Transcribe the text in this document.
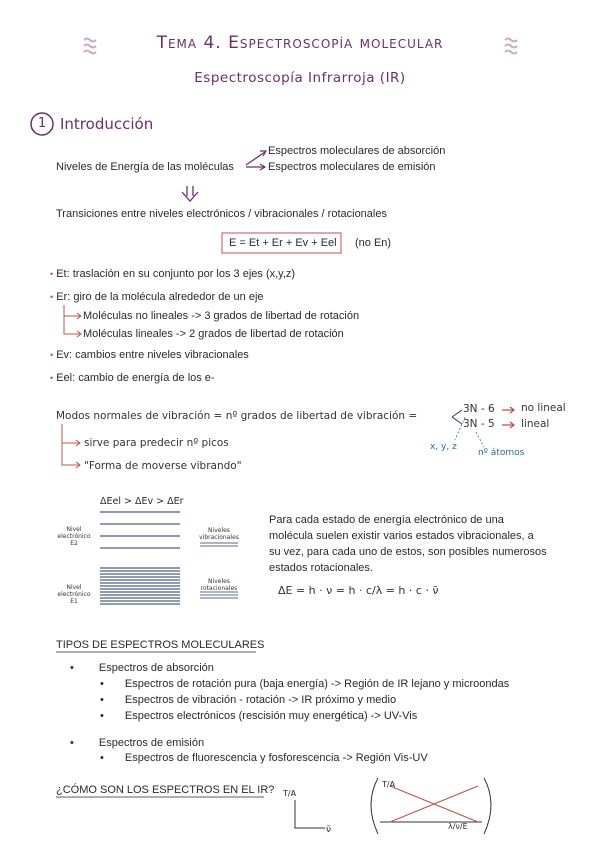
Tema 4. Espectroscopía molecular
Espectroscopía Infrarroja (IR)
1 Introducción
Espectros moleculares de absorción
Niveles de Energía de las moléculas	Espectros moleculares de emisión
Transiciones entre niveles electrónicos / vibracionales / rotacionales
E = Et + Er + Ev + Eel (no En)
• Et: traslación en su conjunto por los 3 ejes (x,y,z)
• Er: giro de la molécula alrededor de un eje
Moléculas no lineales -> 3 grados de libertad de rotación
Moléculas lineales -> 2 grados de libertad de rotación
• Ev: cambios entre niveles vibracionales
• Eel: cambio de energía de los e-
Modos normales de vibración = nº grados de libertad de vibración =
3N - 6	no lineal
3N - 5	lineal
x, y, z
nº átomos
sirve para predecir nº picos
"Forma de moverse vibrando"
ΔEel > ΔEv > ΔEr
Nivel electrónico E2
Niveles vibracionales
Nivel electrónico E1
Niveles rotacionales
Para cada estado de energía electrónico de una
molécula suelen existir varios estados vibracionales, a
su vez, para cada uno de estos, son posibles numerosos
estados rotacionales.
ΔE = h · ν = h · c/λ = h · c · ν̄
TIPOS DE ESPECTROS MOLECULARES
• Espectros de absorción
• Espectros de rotación pura (baja energía) -> Región de IR lejano y microondas
• Espectros de vibración - rotación -> IR próximo y medio
• Espectros electrónicos (rescisión muy energética) -> UV-Vis
• Espectros de emisión
• Espectros de fluorescencia y fosforescencia -> Región Vis-UV
¿CÓMO SON LOS ESPECTROS EN EL IR? T/A
ν̄
T/A
λ/ν/E
